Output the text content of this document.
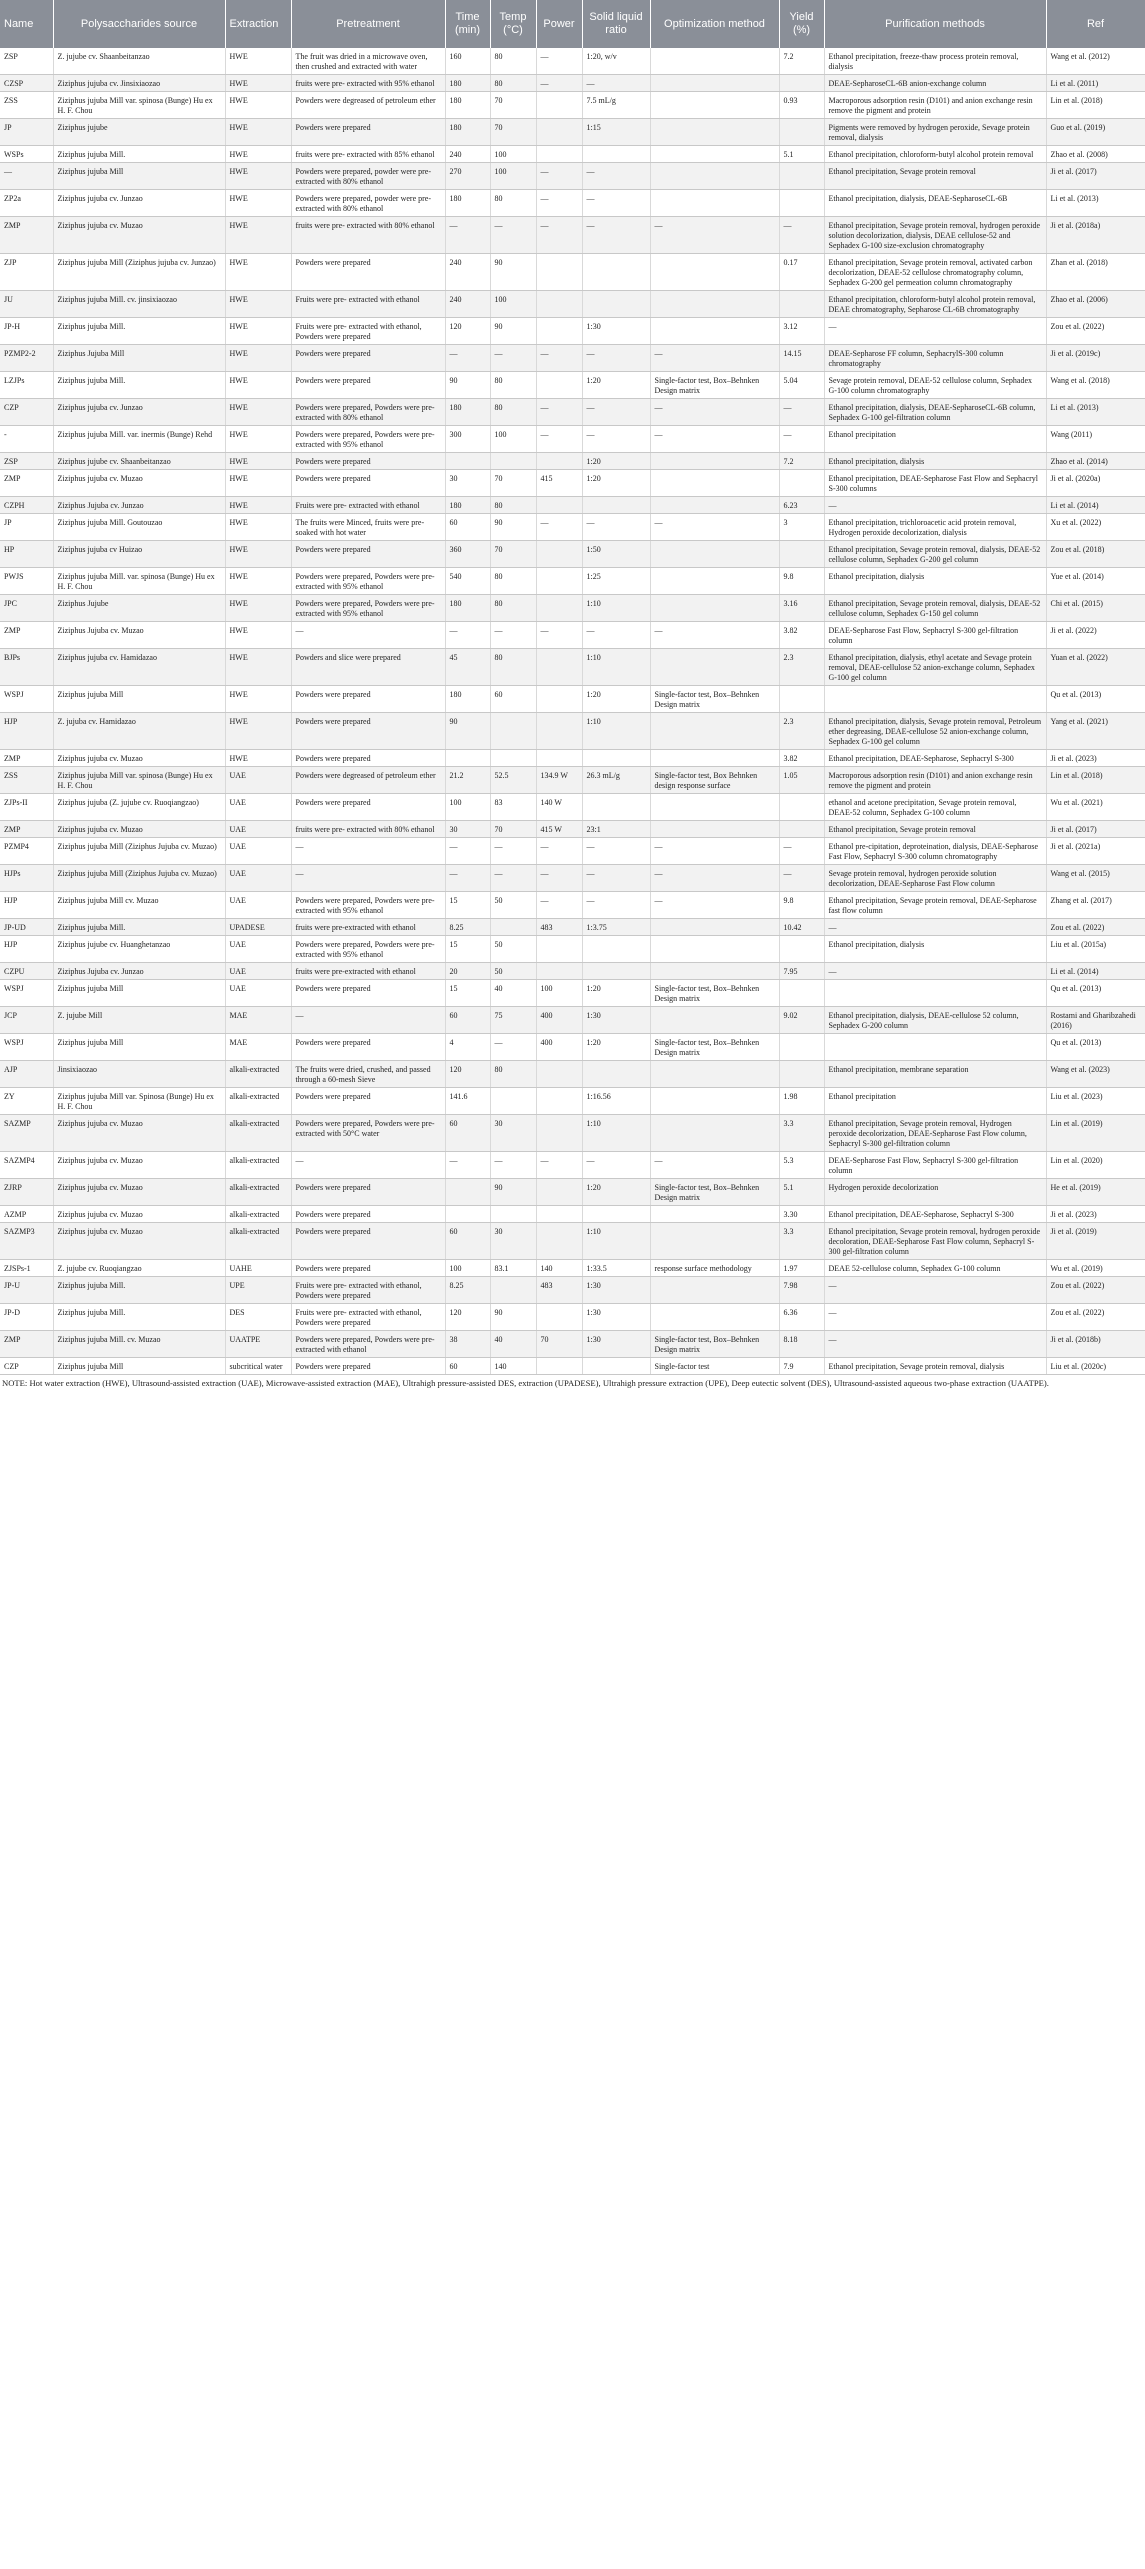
Name	Polysaccharides source	Extraction	Pretreatment	Time (min)	Temp (°C)	Power	Solid liquid ratio	Optimization method	Yield (%)	Purification methods	Ref
ZSP	Z. jujube cv. Shaanbeitanzao	HWE	The fruit was dried in a microwave oven, then crushed and extracted with water	160	80	—	1:20, w/v		7.2	Ethanol precipitation, freeze-thaw process protein removal, dialysis	Wang et al. (2012)
CZSP	Ziziphus jujuba cv. Jinsixiaozao	HWE	fruits were pre- extracted with 95% ethanol	180	80	—	—			DEAE-SepharoseCL-6B anion-exchange column	Li et al. (2011)
ZSS	Ziziphus jujuba Mill var. spinosa (Bunge) Hu ex H. F. Chou	HWE	Powders were degreased of petroleum ether	180	70		7.5 mL/g		0.93	Macroporous adsorption resin (D101) and anion exchange resin remove the pigment and protein	Lin et al. (2018)
JP	Ziziphus jujube	HWE	Powders were prepared	180	70		1:15			Pigments were removed by hydrogen peroxide, Sevage protein removal, dialysis	Guo et al. (2019)
WSPs	Ziziphus jujuba Mill.	HWE	fruits were pre- extracted with 85% ethanol	240	100				5.1	Ethanol precipitation, chloroform-butyl alcohol protein removal	Zhao et al. (2008)
—	Ziziphus jujuba Mill	HWE	Powders were prepared, powder were pre- extracted with 80% ethanol	270	100	—	—			Ethanol precipitation, Sevage protein removal	Ji et al. (2017)
ZP2a	Ziziphus jujuba cv. Junzao	HWE	Powders were prepared, powder were pre- extracted with 80% ethanol	180	80	—	—			Ethanol precipitation, dialysis, DEAE-SepharoseCL-6B	Li et al. (2013)
ZMP	Ziziphus jujuba cv. Muzao	HWE	fruits were pre- extracted with 80% ethanol	—	—	—	—	—	—	Ethanol precipitation, Sevage protein removal, hydrogen peroxide solution decolorization, dialysis, DEAE cellulose-52 and Sephadex G-100 size-exclusion chromatography	Ji et al. (2018a)
ZJP	Ziziphus jujuba Mill (Ziziphus jujuba cv. Junzao)	HWE	Powders were prepared	240	90				0.17	Ethanol precipitation, Sevage protein removal, activated carbon decolorization, DEAE-52 cellulose chromatography column, Sephadex G-200 gel permeation column chromatography	Zhan et al. (2018)
JU	Ziziphus jujuba Mill. cv. jinsixiaozao	HWE	Fruits were pre- extracted with ethanol	240	100					Ethanol precipitation, chloroform-butyl alcohol protein removal, DEAE chromatography, Sepharose CL-6B chromatography	Zhao et al. (2006)
JP-H	Ziziphus jujuba Mill.	HWE	Fruits were pre- extracted with ethanol, Powders were prepared	120	90		1:30		3.12	—	Zou et al. (2022)
PZMP2-2	Ziziphus Jujuba Mill	HWE	Powders were prepared	—	—	—	—	—	14.15	DEAE-Sepharose FF column, SephacrylS-300 column chromatography	Ji et al. (2019c)
LZJPs	Ziziphus jujuba Mill.	HWE	Powders were prepared	90	80		1:20	Single-factor test, Box–Behnken Design matrix	5.04	Sevage protein removal, DEAE-52 cellulose column, Sephadex G-100 column chromatography	Wang et al. (2018)
CZP	Ziziphus jujuba cv. Junzao	HWE	Powders were prepared, Powders were pre- extracted with 80% ethanol	180	80	—	—	—	—	Ethanol precipitation, dialysis, DEAE-SepharoseCL-6B column, Sephadex G-100 gel-filtration column	Li et al. (2013)
-	Ziziphus jujuba Mill. var. inermis (Bunge) Rehd	HWE	Powders were prepared, Powders were pre- extracted with 95% ethanol	300	100	—	—	—	—	Ethanol precipitation	Wang (2011)
ZSP	Ziziphus jujube cv. Shaanbeitanzao	HWE	Powders were prepared				1:20		7.2	Ethanol precipitation, dialysis	Zhao et al. (2014)
ZMP	Ziziphus jujuba cv. Muzao	HWE	Powders were prepared	30	70	415	1:20			Ethanol precipitation, DEAE-Sepharose Fast Flow and Sephacryl S-300 columns	Ji et al. (2020a)
CZPH	Ziziphus Jujuba cv. Junzao	HWE	Fruits were pre- extracted with ethanol	180	80				6.23	—	Li et al. (2014)
JP	Ziziphus jujuba Mill. Goutouzao	HWE	The fruits were Minced, fruits were pre- soaked with hot water	60	90	—	—	—	3	Ethanol precipitation, trichloroacetic acid protein removal, Hydrogen peroxide decolorization, dialysis	Xu et al. (2022)
HP	Ziziphus jujuba cv Huizao	HWE	Powders were prepared	360	70		1:50			Ethanol precipitation, Sevage protein removal, dialysis, DEAE-52 cellulose column, Sephadex G-200 gel column	Zou et al. (2018)
PWJS	Ziziphus jujuba Mill. var. spinosa (Bunge) Hu ex H. F. Chou	HWE	Powders were prepared, Powders were pre- extracted with 95% ethanol	540	80		1:25		9.8	Ethanol precipitation, dialysis	Yue et al. (2014)
JPC	Ziziphus Jujube	HWE	Powders were prepared, Powders were pre- extracted with 95% ethanol	180	80		1:10		3.16	Ethanol precipitation, Sevage protein removal, dialysis, DEAE-52 cellulose column, Sephadex G-150 gel column	Chi et al. (2015)
ZMP	Ziziphus Jujuba cv. Muzao	HWE	—	—	—	—	—	—	3.82	DEAE-Sepharose Fast Flow, Sephacryl S-300 gel-filtration column	Ji et al. (2022)
BJPs	Ziziphus jujuba cv. Hamidazao	HWE	Powders and slice were prepared	45	80		1:10		2.3	Ethanol precipitation, dialysis, ethyl acetate and Sevage protein removal, DEAE-cellulose 52 anion-exchange column, Sephadex G-100 gel column	Yuan et al. (2022)
WSPJ	Ziziphus jujuba Mill	HWE	Powders were prepared	180	60		1:20	Single-factor test, Box–Behnken Design matrix			Qu et al. (2013)
HJP	Z. jujuba cv. Hamidazao	HWE	Powders were prepared	90			1:10		2.3	Ethanol precipitation, dialysis, Sevage protein removal, Petroleum ether degreasing, DEAE-cellulose 52 anion-exchange column, Sephadex G-100 gel column	Yang et al. (2021)
ZMP	Ziziphus jujuba cv. Muzao	HWE	Powders were prepared						3.82	Ethanol precipitation, DEAE-Sepharose, Sephacryl S-300	Ji et al. (2023)
ZSS	Ziziphus jujuba Mill var. spinosa (Bunge) Hu ex H. F. Chou	UAE	Powders were degreased of petroleum ether	21.2	52.5	134.9 W	26.3 mL/g	Single-factor test, Box Behnken design response surface	1.05	Macroporous adsorption resin (D101) and anion exchange resin remove the pigment and protein	Lin et al. (2018)
ZJPs-II	Ziziphus jujuba (Z. jujube cv. Ruoqiangzao)	UAE	Powders were prepared	100	83	140 W				ethanol and acetone precipitation, Sevage protein removal, DEAE-52 column, Sephadex G-100 column	Wu et al. (2021)
ZMP	Ziziphus jujuba cv. Muzao	UAE	fruits were pre- extracted with 80% ethanol	30	70	415 W	23:1			Ethanol precipitation, Sevage protein removal	Ji et al. (2017)
PZMP4	Ziziphus jujuba Mill (Ziziphus Jujuba cv. Muzao)	UAE	—	—	—	—	—	—	—	Ethanol pre-cipitation, deproteination, dialysis, DEAE-Sepharose Fast Flow, Sephacryl S-300 column chromatography	Ji et al. (2021a)
HJPs	Ziziphus jujuba Mill (Ziziphus Jujuba cv. Muzao)	UAE	—	—	—	—	—	—	—	Sevage protein removal, hydrogen peroxide solution decolorization, DEAE-Sepharose Fast Flow column	Wang et al. (2015)
HJP	Ziziphus jujuba Mill cv. Muzao	UAE	Powders were prepared, Powders were pre- extracted with 95% ethanol	15	50	—	—	—	9.8	Ethanol precipitation, Sevage protein removal, DEAE-Sepharose fast flow column	Zhang et al. (2017)
JP-UD	Ziziphus jujuba Mill.	UPADESE	fruits were pre-extracted with ethanol	8.25		483	1:3.75		10.42	—	Zou et al. (2022)
HJP	Ziziphus jujube cv. Huanghetanzao	UAE	Powders were prepared, Powders were pre- extracted with 95% ethanol	15	50					Ethanol precipitation, dialysis	Liu et al. (2015a)
CZPU	Ziziphus Jujuba cv. Junzao	UAE	fruits were pre-extracted with ethanol	20	50				7.95	—	Li et al. (2014)
WSPJ	Ziziphus jujuba Mill	UAE	Powders were prepared	15	40	100	1:20	Single-factor test, Box–Behnken Design matrix			Qu et al. (2013)
JCP	Z. jujube Mill	MAE	—	60	75	400	1:30		9.02	Ethanol precipitation, dialysis, DEAE-cellulose 52 column, Sephadex G-200 column	Rostami and Gharibzahedi (2016)
WSPJ	Ziziphus jujuba Mill	MAE	Powders were prepared	4	—	400	1:20	Single-factor test, Box–Behnken Design matrix			Qu et al. (2013)
AJP	Jinsixiaozao	alkali-extracted	The fruits were dried, crushed, and passed through a 60-mesh Sieve	120	80					Ethanol precipitation, membrane separation	Wang et al. (2023)
ZY	Ziziphus jujuba Mill var. Spinosa (Bunge) Hu ex H. F. Chou	alkali-extracted	Powders were prepared	141.6			1:16.56		1.98	Ethanol precipitation	Liu et al. (2023)
SAZMP	Ziziphus jujuba cv. Muzao	alkali-extracted	Powders were prepared, Powders were pre- extracted with 50°C water	60	30		1:10		3.3	Ethanol precipitation, Sevage protein removal, Hydrogen peroxide decolorization, DEAE-Sepharose Fast Flow column, Sephacryl S-300 gel-filtration column	Lin et al. (2019)
SAZMP4	Ziziphus jujuba cv. Muzao	alkali-extracted	—	—	—	—	—	—	5.3	DEAE-Sepharose Fast Flow, Sephacryl S-300 gel-filtration column	Lin et al. (2020)
ZJRP	Ziziphus jujuba cv. Muzao	alkali-extracted	Powders were prepared		90		1:20	Single-factor test, Box–Behnken Design matrix	5.1	Hydrogen peroxide decolorization	He et al. (2019)
AZMP	Ziziphus jujuba cv. Muzao	alkali-extracted	Powders were prepared						3.30	Ethanol precipitation, DEAE-Sepharose, Sephacryl S-300	Ji et al. (2023)
SAZMP3	Ziziphus jujuba cv. Muzao	alkali-extracted	Powders were prepared	60	30		1:10		3.3	Ethanol precipitation, Sevage protein removal, hydrogen peroxide decoloration, DEAE-Sepharose Fast Flow column, Sephacryl S-300 gel-filtration column	Ji et al. (2019)
ZJSPs-1	Z. jujube cv. Ruoqiangzao	UAHE	Powders were prepared	100	83.1	140	1:33.5	response surface methodology	1.97	DEAE 52-cellulose column, Sephadex G-100 column	Wu et al. (2019)
JP-U	Ziziphus jujuba Mill.	UPE	Fruits were pre- extracted with ethanol, Powders were prepared	8.25		483	1:30		7.98	—	Zou et al. (2022)
JP-D	Ziziphus jujuba Mill.	DES	Fruits were pre- extracted with ethanol, Powders were prepared	120	90		1:30		6.36	—	Zou et al. (2022)
ZMP	Ziziphus jujuba Mill. cv. Muzao	UAATPE	Powders were prepared, Powders were pre- extracted with ethanol	38	40	70	1:30	Single-factor test, Box–Behnken Design matrix	8.18	—	Ji et al. (2018b)
CZP	Ziziphus jujuba Mill	subcritical water	Powders were prepared	60	140			Single-factor test	7.9	Ethanol precipitation, Sevage protein removal, dialysis	Liu et al. (2020c)
NOTE: Hot water extraction (HWE), Ultrasound-assisted extraction (UAE), Microwave-assisted extraction (MAE), Ultrahigh pressure-assisted DES, extraction (UPADESE), Ultrahigh pressure extraction (UPE), Deep eutectic solvent (DES), Ultrasound-assisted aqueous two-phase extraction (UAATPE).
